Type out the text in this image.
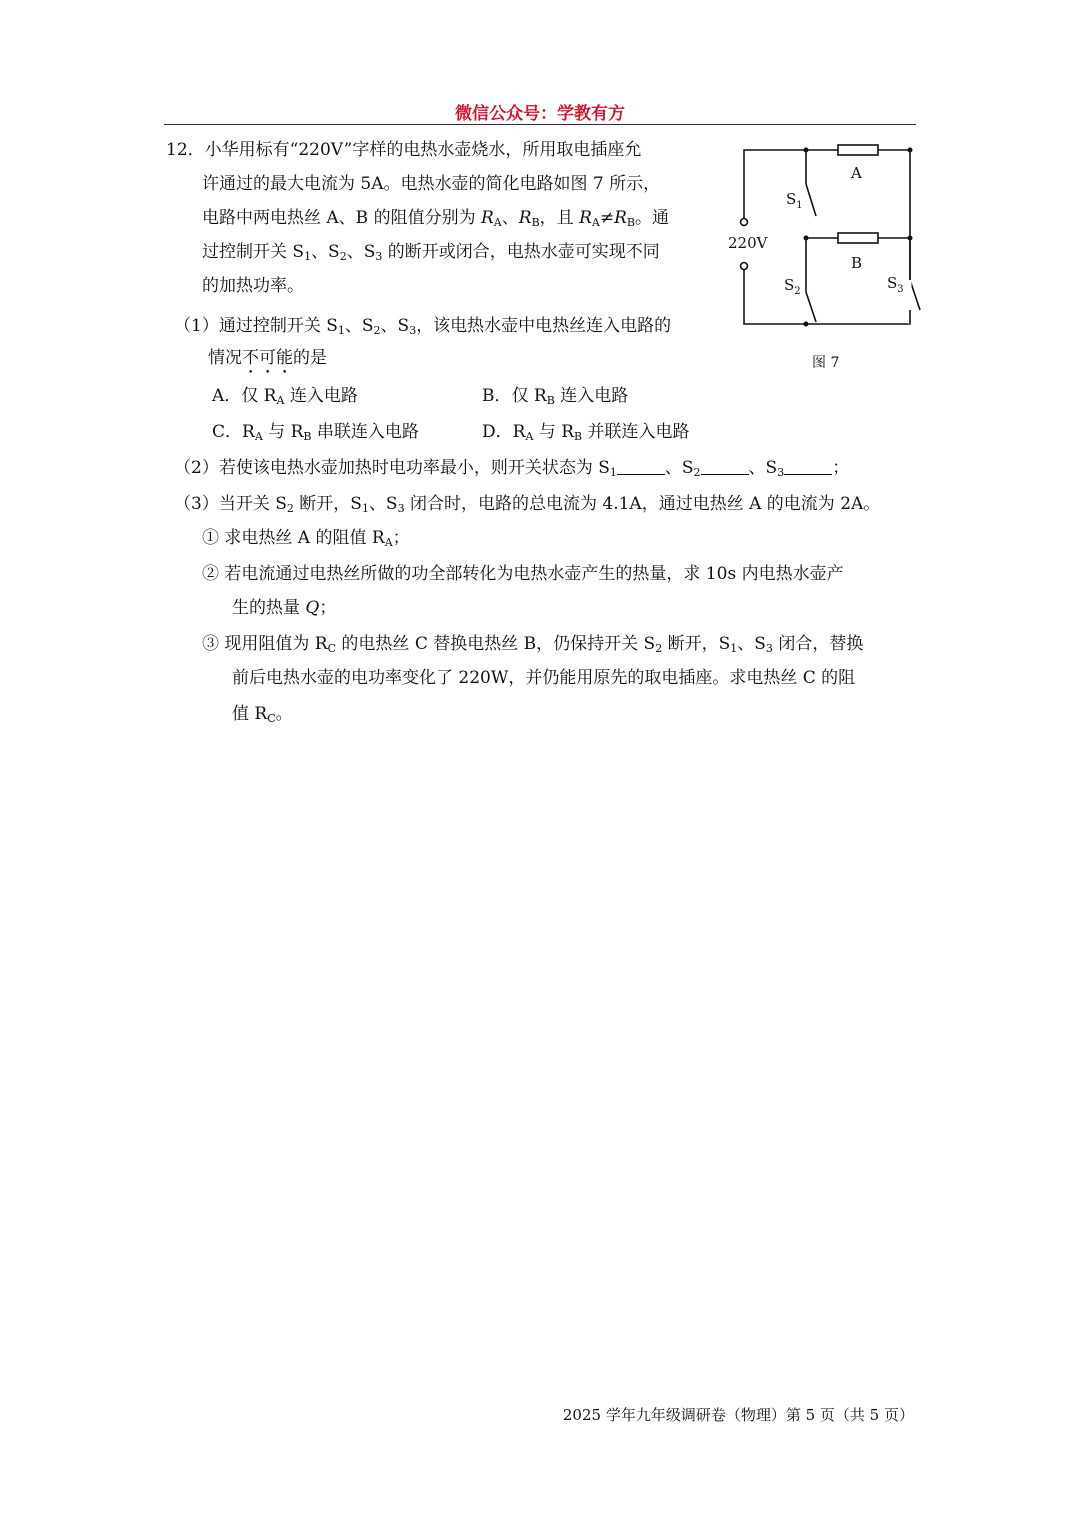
微信公众号：学教有方
12．小华用标有“220V”字样的电热水壶烧水，所用取电插座允
许通过的最大电流为 5A。电热水壶的简化电路如图 7 所示，
电路中两电热丝 A、B 的阻值分别为 $R_A$、$R_B$，且 $R_A\ne R_B$。通
过控制开关 $S_1$、$S_2$、$S_3$ 的断开或闭合，电热水壶可实现不同
的加热功率。
（1）通过控制开关 $S_1$、$S_2$、$S_3$，该电热水壶中电热丝连入电路的
情况不可能的是
A．仅 $R_A$ 连入电路	B．仅 $R_B$ 连入电路
C．$R_A$ 与 $R_B$ 串联连入电路	D．$R_A$ 与 $R_B$ 并联连入电路
（2）若使该电热水壶加热时电功率最小，则开关状态为 $S_1$	、$S_2$	、$S_3$	；
（3）当开关 $S_2$ 断开，$S_1$、$S_3$ 闭合时，电路的总电流为 4.1A，通过电热丝 A 的电流为 2A。
① 求电热丝 A 的阻值 $R_A$；
② 若电流通过电热丝所做的功全部转化为电热水壶产生的热量，求 10s 内电热水壶产
生的热量 Q；
③ 现用阻值为 $R_C$ 的电热丝 C 替换电热丝 B，仍保持开关 $S_2$ 断开，$S_1$、$S_3$ 闭合，替换
前后电热水壶的电功率变化了 220W，并仍能用原先的取电插座。求电热丝 C 的阻
值 $R_C$。
220V
A
B
$S_1$
$S_2$	$S_3$
图 7
2025 学年九年级调研卷（物理）第 5 页（共 5 页）
